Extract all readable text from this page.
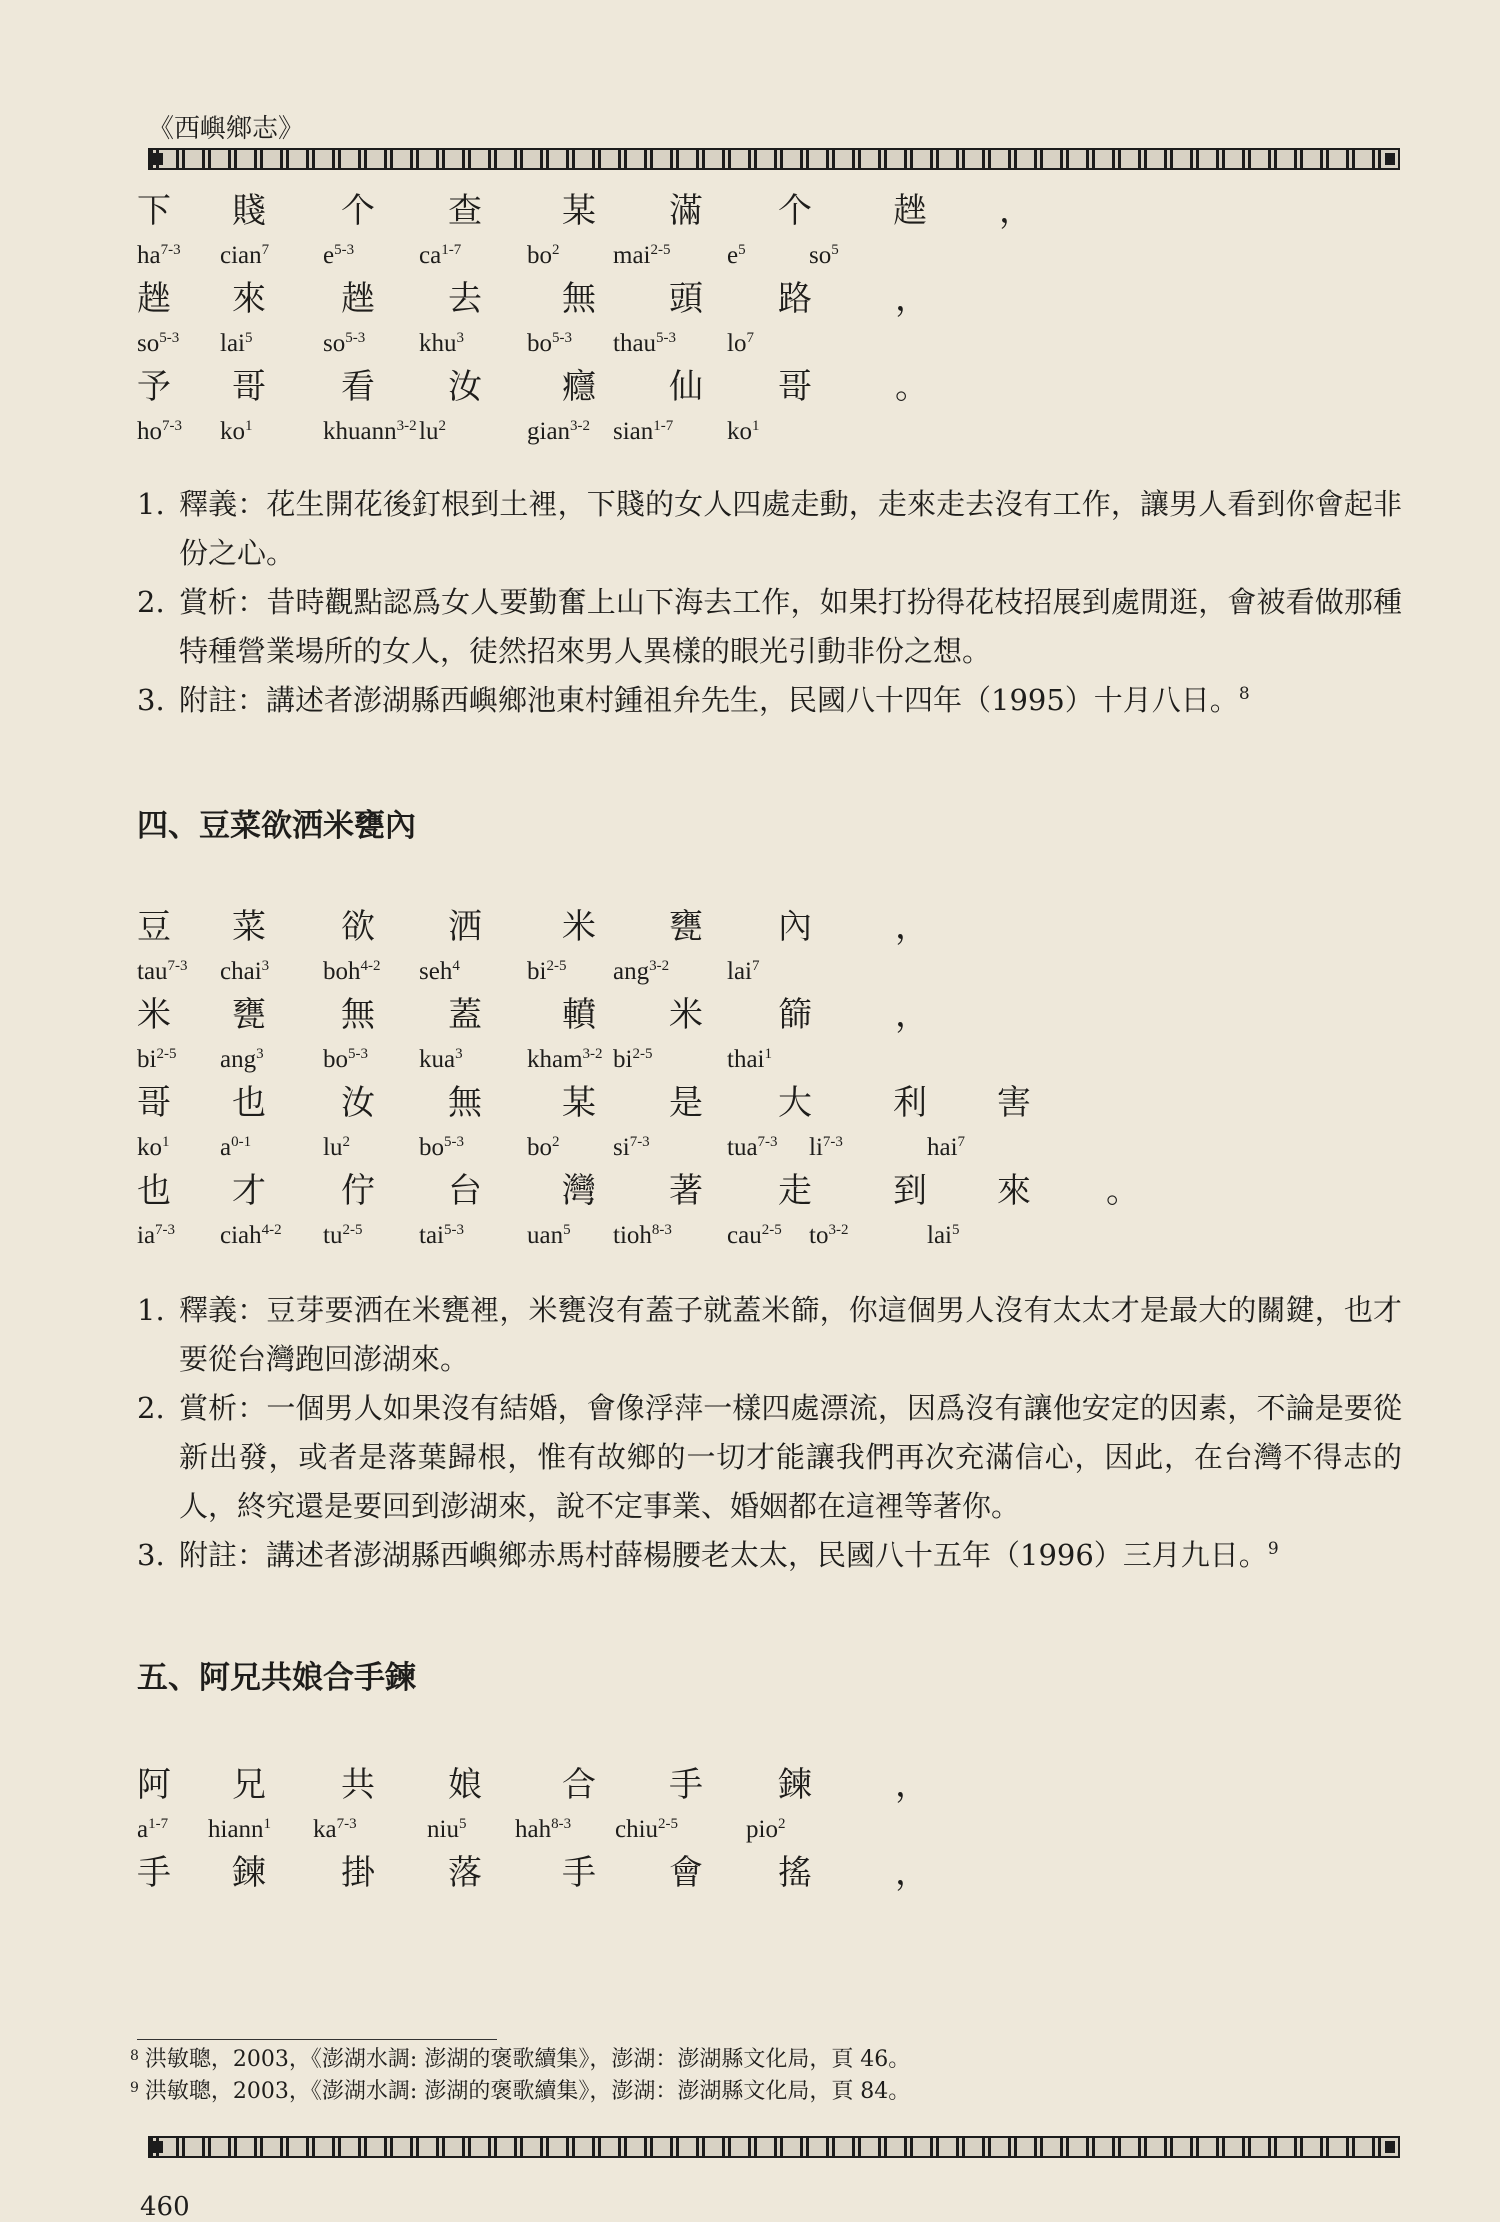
《西嶼鄉志》
下 賤 个 查 某 滿 个 趖 ，
$ha^{7-3}$ cian$^7$ $e^{5-3}$	$ca^{1-7}$	$bo^2$ mai$^{2-5}$ $e^5$	$so^5$
趖 來 趖 去 無 頭 路 ，
$so^{5-3}$ lai$^5$	$so^{5-3}$ khu$^3$	$bo^{5-3}$ thau$^{5-3}$ $lo^7$
予 哥 看 汝 癮 仙 哥 。
$ho^{7-3}$ $ko^1$	khuann$^{3-2}$ $lu^2$	gian$^{3-2}$ sian$^{1-7}$ $ko^1$
1. 釋義：花生開花後釘根到土裡，下賤的女人四處走動，走來走去沒有工作，讓男人看到你會起非份之心。
2. 賞析：昔時觀點認爲女人要勤奮上山下海去工作，如果打扮得花枝招展到處閒逛，會被看做那種特種營業場所的女人，徒然招來男人異樣的眼光引動非份之想。
3. 附註：講述者澎湖縣西嶼鄉池東村鍾祖弁先生，民國八十四年（1995）十月八日。$^8$
四、豆菜欲洒米甕內
豆 菜 欲 洒 米 甕 內 ，
tau$^{7-3}$ chai$^3$ boh$^{4-2}$ seh$^4$	$bi^{2-5}$ ang$^{3-2}$ lai$^7$
米 甕 無 蓋 轒 米 篩 ，
$bi^{2-5}$ ang$^3$ $bo^{5-3}$ kua$^3$	kham$^{3-2}$ $bi^{2-5}$	thai$^1$
哥 也 汝 無 某 是 大 利 害
$ko^1$ $a^{0-1}$	$lu^2$	$bo^{5-3}$	$bo^2$ $si^{7-3}$	tua$^{7-3}$ $li^{7-3}$	hai$^7$
也 才 佇 台 灣 著 走 到 來 。
$ia^{7-3}$ ciah$^{4-2}$ $tu^{2-5}$ tai$^{5-3}$	uan$^5$ tioh$^{8-3}$ cau$^{2-5}$ $to^{3-2}$	lai$^5$
1. 釋義：豆芽要洒在米甕裡，米甕沒有蓋子就蓋米篩，你這個男人沒有太太才是最大的關鍵，也才要從台灣跑回澎湖來。
2. 賞析：一個男人如果沒有結婚，會像浮萍一樣四處漂流，因爲沒有讓他安定的因素，不論是要從新出發，或者是落葉歸根，惟有故鄉的一切才能讓我們再次充滿信心，因此，在台灣不得志的人，終究還是要回到澎湖來，說不定事業、婚姻都在這裡等著你。
3. 附註：講述者澎湖縣西嶼鄉赤馬村薛楊腰老太太，民國八十五年（1996）三月九日。$^9$
五、阿兄共娘合手鍊
阿 兄 共 娘 合 手 鍊 ，
$a^{1-7}$ hiann$^1$ $ka^{7-3}$	niu$^5$ hah$^{8-3}$ chiu$^{2-5}$	pio$^2$
手 鍊 掛 落 手 會 搖 ，
$^8$ 洪敏聰，2003，《澎湖水調: 澎湖的褒歌續集》，澎湖：澎湖縣文化局，頁 46。
$^9$ 洪敏聰，2003，《澎湖水調: 澎湖的褒歌續集》，澎湖：澎湖縣文化局，頁 84。
460
